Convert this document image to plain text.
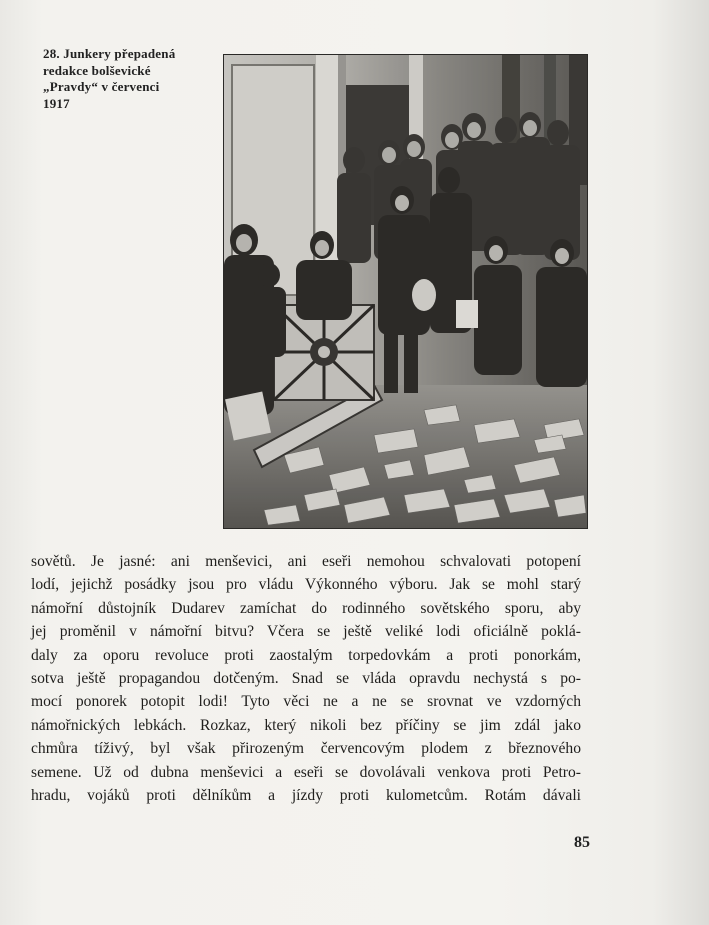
28. Junkery přepadená
redakce bolševické
„Pravdy“ v červenci
1917
sovětů. Je jasné: ani menševici, ani eseři nemohou schvalovati potopení
lodí, jejichž posádky jsou pro vládu Výkonného výboru. Jak se mohl starý
námořní důstojník Dudarev zamíchat do rodinného sovětského sporu, aby
jej proměnil v námořní bitvu? Včera se ještě veliké lodi oficiálně poklá-
daly za oporu revoluce proti zaostalým torpedovkám a proti ponorkám,
sotva ještě propagandou dotčeným. Snad se vláda opravdu nechystá s po-
mocí ponorek potopit lodi! Tyto věci ne a ne se srovnat ve vzdorných
námořnických lebkách. Rozkaz, který nikoli bez příčiny se jim zdál jako
chmůra tíživý, byl však přirozeným červencovým plodem z březnového
semene. Už od dubna menševici a eseři se dovolávali venkova proti Petro-
hradu, vojáků proti dělníkům a jízdy proti kulometcům. Rotám dávali
85
